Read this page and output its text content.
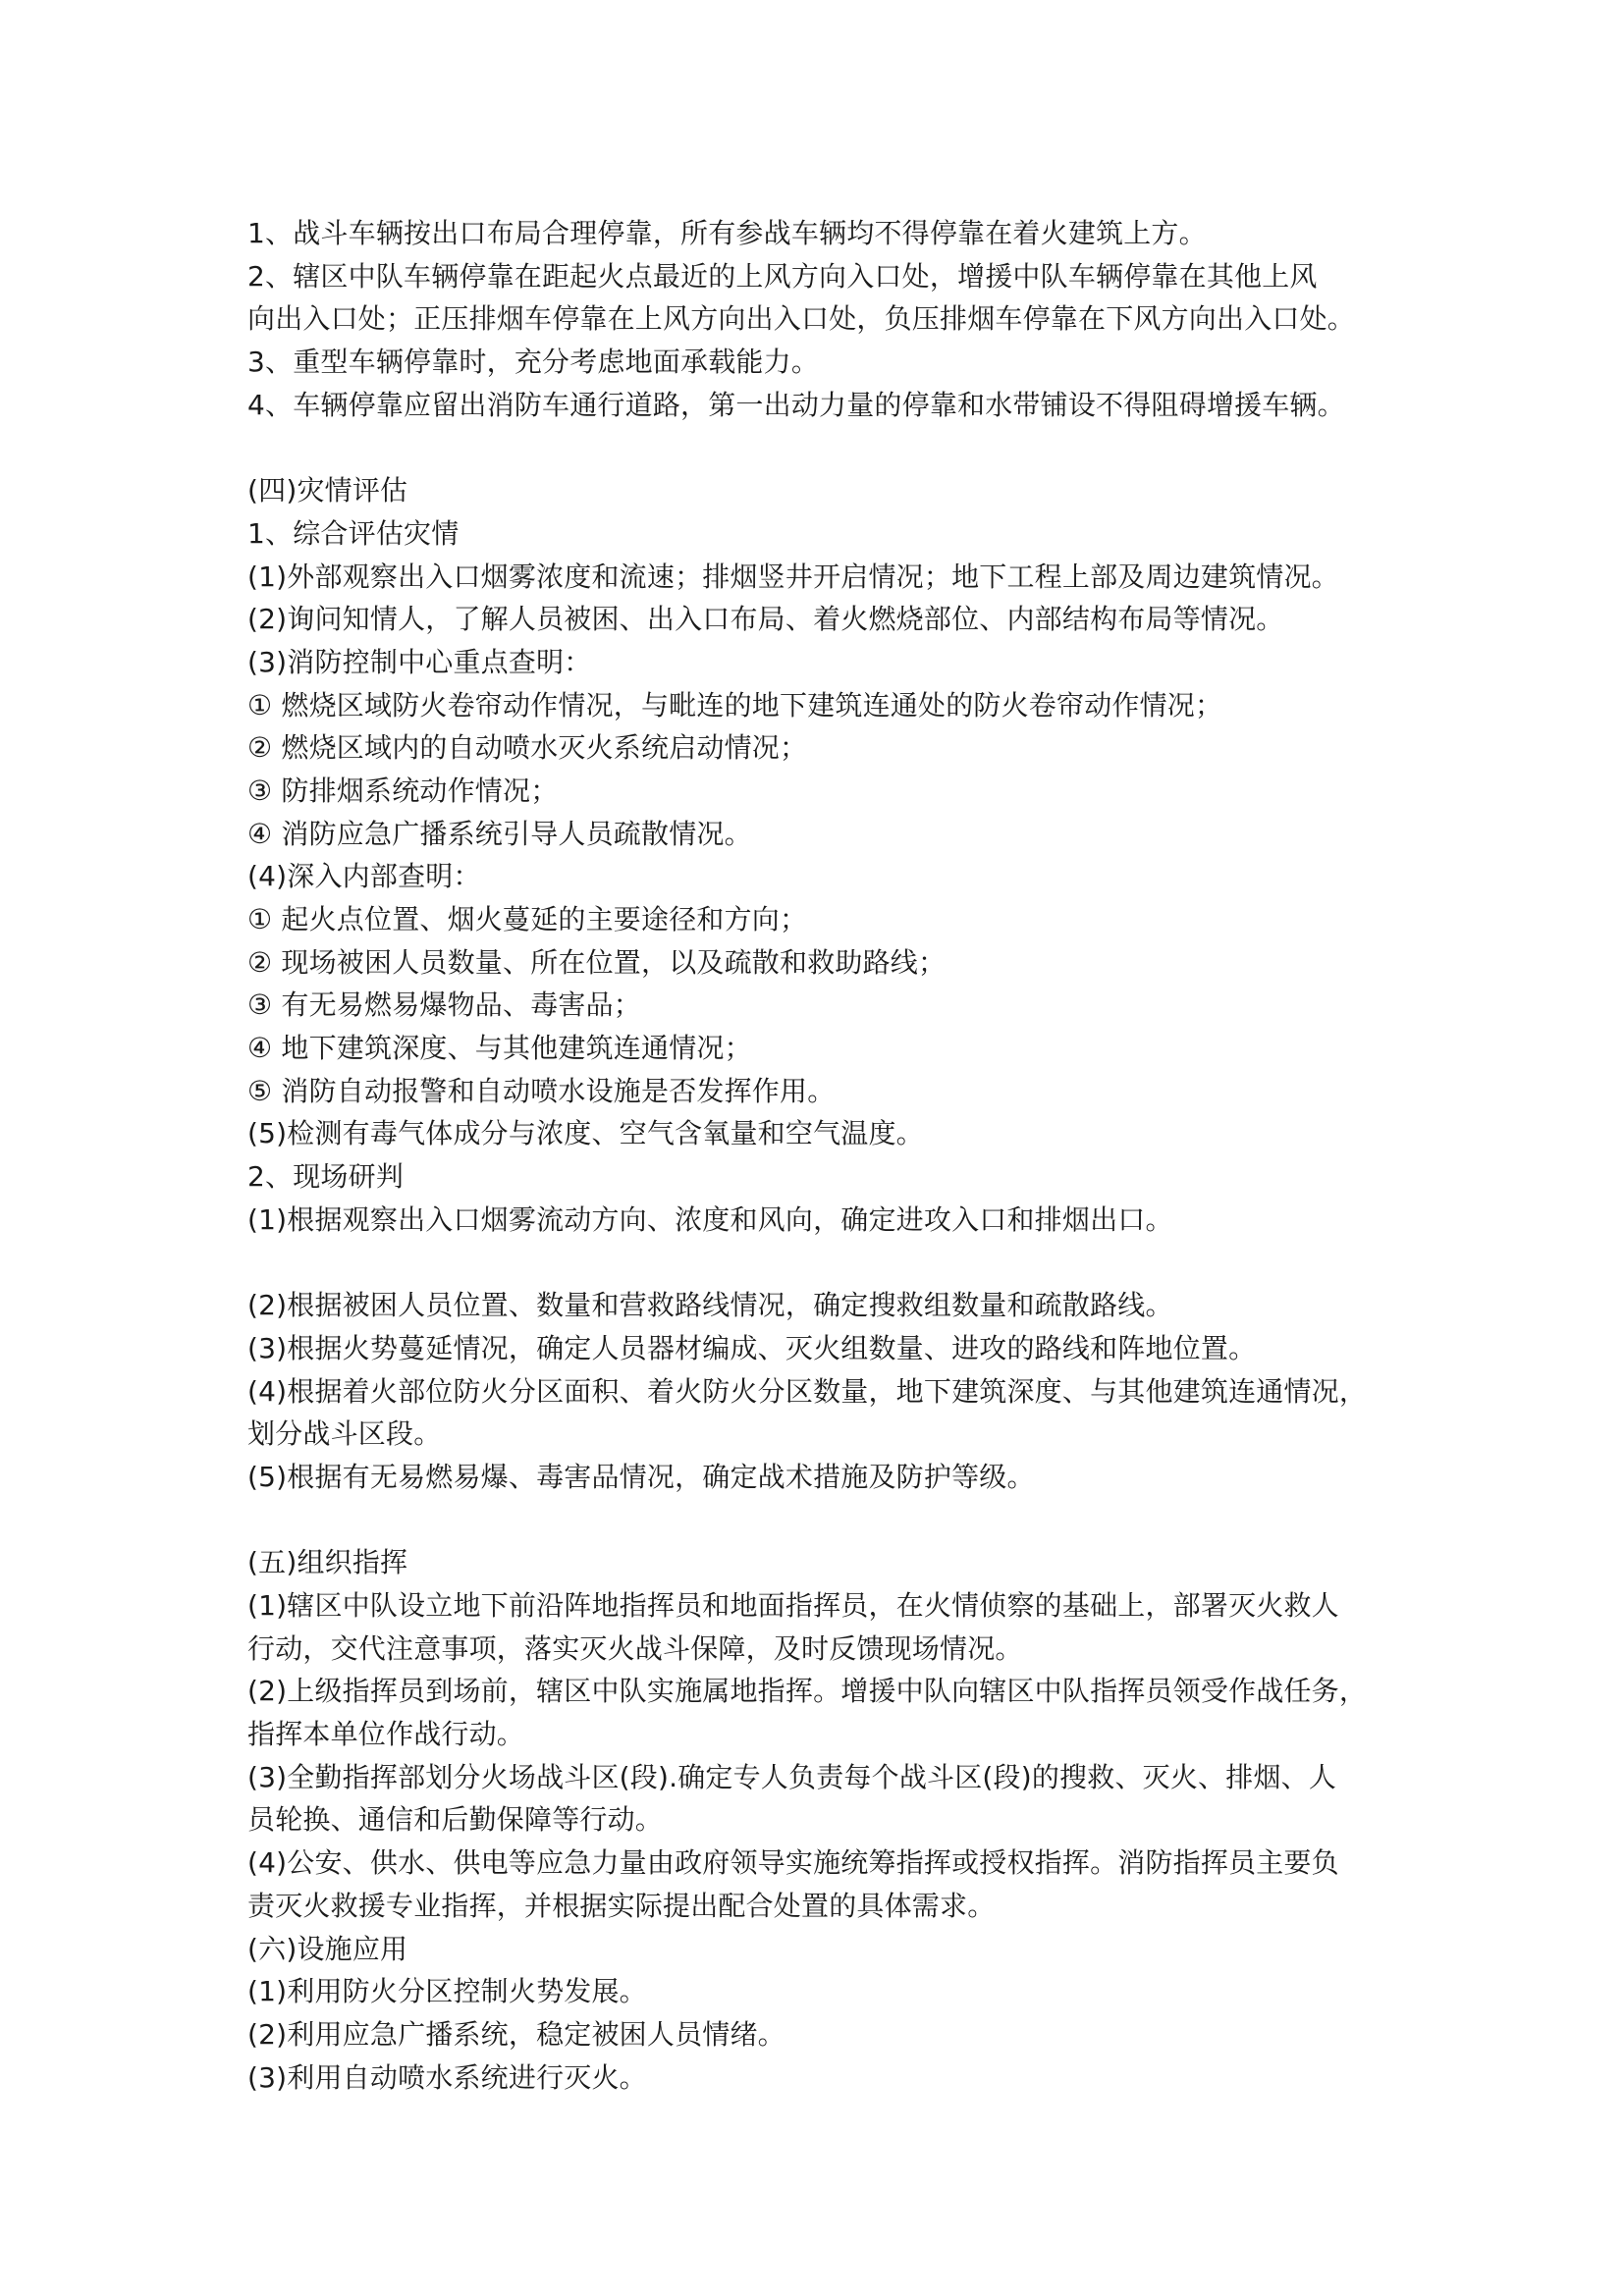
1、战斗车辆按出口布局合理停靠，所有参战车辆均不得停靠在着火建筑上方。
2、辖区中队车辆停靠在距起火点最近的上风方向入口处，增援中队车辆停靠在其他上风
向出入口处；正压排烟车停靠在上风方向出入口处，负压排烟车停靠在下风方向出入口处。
3、重型车辆停靠时，充分考虑地面承载能力。
4、车辆停靠应留出消防车通行道路，第一出动力量的停靠和水带铺设不得阻碍增援车辆。
(四)灾情评估
1、综合评估灾情
(1)外部观察出入口烟雾浓度和流速；排烟竖井开启情况；地下工程上部及周边建筑情况。
(2)询问知情人，了解人员被困、出入口布局、着火燃烧部位、内部结构布局等情况。
(3)消防控制中心重点查明：
① 燃烧区域防火卷帘动作情况，与毗连的地下建筑连通处的防火卷帘动作情况；
② 燃烧区域内的自动喷水灭火系统启动情况；
③ 防排烟系统动作情况；
④ 消防应急广播系统引导人员疏散情况。
(4)深入内部查明：
① 起火点位置、烟火蔓延的主要途径和方向；
② 现场被困人员数量、所在位置，以及疏散和救助路线；
③ 有无易燃易爆物品、毒害品；
④ 地下建筑深度、与其他建筑连通情况；
⑤ 消防自动报警和自动喷水设施是否发挥作用。
(5)检测有毒气体成分与浓度、空气含氧量和空气温度。
2、现场研判
(1)根据观察出入口烟雾流动方向、浓度和风向，确定进攻入口和排烟出口。
(2)根据被困人员位置、数量和营救路线情况，确定搜救组数量和疏散路线。
(3)根据火势蔓延情况，确定人员器材编成、灭火组数量、进攻的路线和阵地位置。
(4)根据着火部位防火分区面积、着火防火分区数量，地下建筑深度、与其他建筑连通情况，
划分战斗区段。
(5)根据有无易燃易爆、毒害品情况，确定战术措施及防护等级。
(五)组织指挥
(1)辖区中队设立地下前沿阵地指挥员和地面指挥员，在火情侦察的基础上，部署灭火救人
行动，交代注意事项，落实灭火战斗保障，及时反馈现场情况。
(2)上级指挥员到场前，辖区中队实施属地指挥。增援中队向辖区中队指挥员领受作战任务，
指挥本单位作战行动。
(3)全勤指挥部划分火场战斗区(段).确定专人负责每个战斗区(段)的搜救、灭火、排烟、人
员轮换、通信和后勤保障等行动。
(4)公安、供水、供电等应急力量由政府领导实施统筹指挥或授权指挥。消防指挥员主要负
责灭火救援专业指挥，并根据实际提出配合处置的具体需求。
(六)设施应用
(1)利用防火分区控制火势发展。
(2)利用应急广播系统，稳定被困人员情绪。
(3)利用自动喷水系统进行灭火。
